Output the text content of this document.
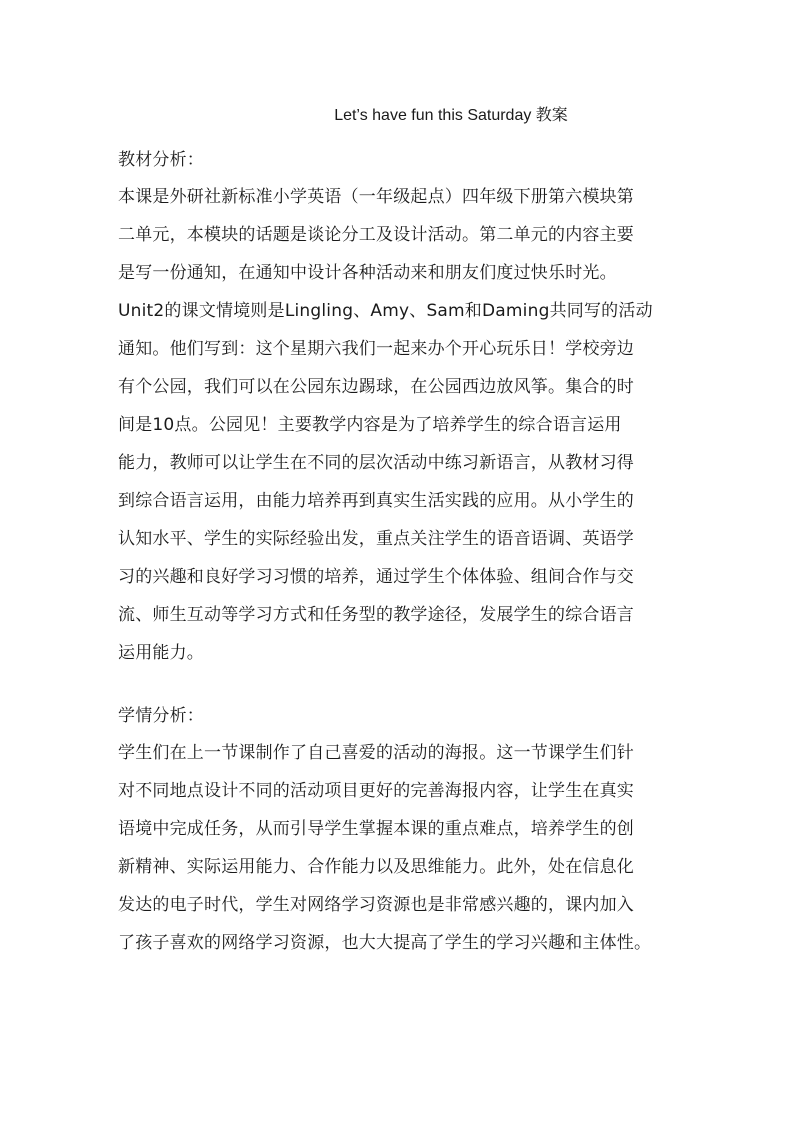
Let’s have fun this Saturday 教案
教材分析：
本课是外研社新标准小学英语（一年级起点）四年级下册第六模块第
二单元，本模块的话题是谈论分工及设计活动。第二单元的内容主要
是写一份通知，在通知中设计各种活动来和朋友们度过快乐时光。
Unit2的课文情境则是Lingling、Amy、Sam和Daming共同写的活动
通知。他们写到：这个星期六我们一起来办个开心玩乐日！学校旁边
有个公园，我们可以在公园东边踢球，在公园西边放风筝。集合的时
间是10点。公园见！主要教学内容是为了培养学生的综合语言运用
能力，教师可以让学生在不同的层次活动中练习新语言，从教材习得
到综合语言运用，由能力培养再到真实生活实践的应用。从小学生的
认知水平、学生的实际经验出发，重点关注学生的语音语调、英语学
习的兴趣和良好学习习惯的培养，通过学生个体体验、组间合作与交
流、师生互动等学习方式和任务型的教学途径，发展学生的综合语言
运用能力。
学情分析：
学生们在上一节课制作了自己喜爱的活动的海报。这一节课学生们针
对不同地点设计不同的活动项目更好的完善海报内容，让学生在真实
语境中完成任务，从而引导学生掌握本课的重点难点，培养学生的创
新精神、实际运用能力、合作能力以及思维能力。此外，处在信息化
发达的电子时代，学生对网络学习资源也是非常感兴趣的，课内加入
了孩子喜欢的网络学习资源，也大大提高了学生的学习兴趣和主体性。
